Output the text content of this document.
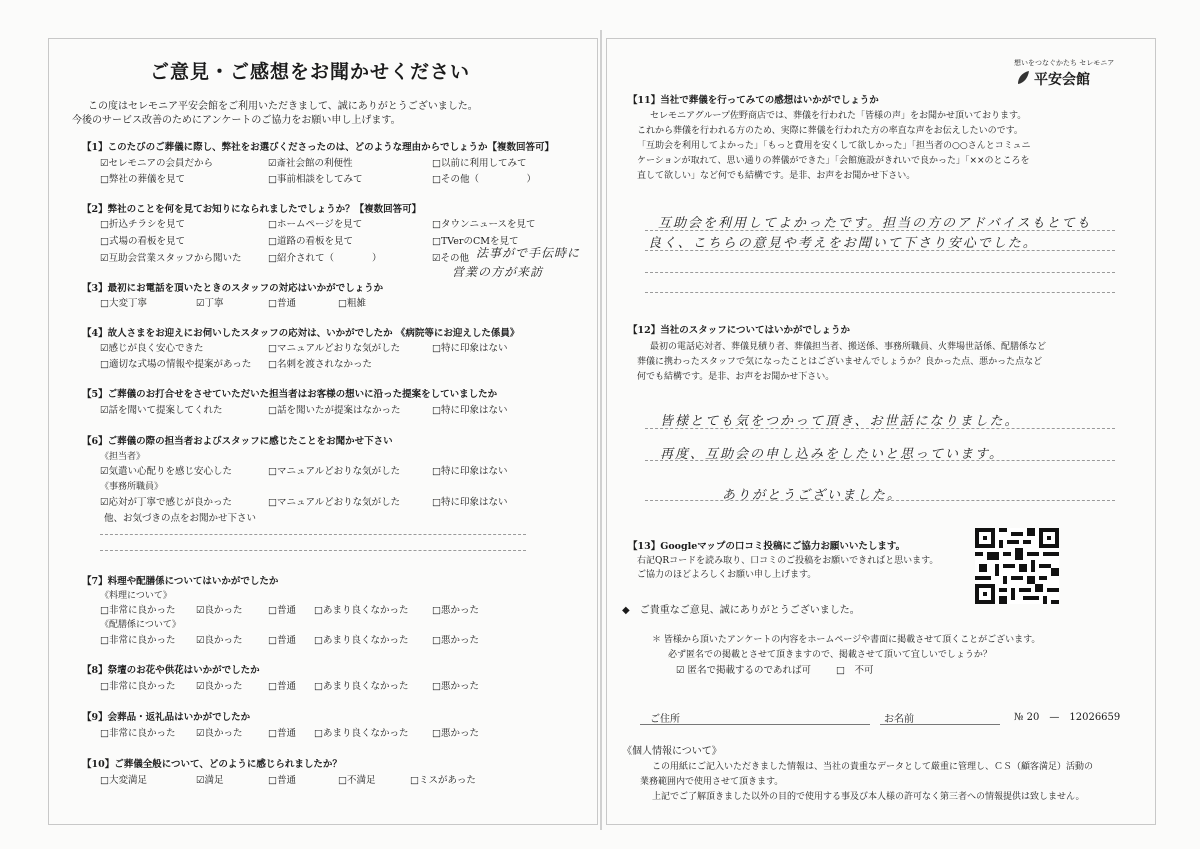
ご意見・ご感想をお聞かせください
この度はセレモニア平安会館をご利用いただきまして、誠にありがとうございました。
今後のサービス改善のためにアンケートのご協力をお願い申し上げます。
【1】このたびのご葬儀に際し、弊社をお選びくださったのは、どのような理由からでしょうか【複数回答可】
☑セレモニアの会員だから	☑斎社会館の利便性	□以前に利用してみて
□弊社の葬儀を見て	□事前相談をしてみて	□その他（　　　　　）
【2】弊社のことを何を見てお知りになられましたでしょうか？【複数回答可】
□折込チラシを見て	□ホームページを見て	□タウンニュースを見て
□式場の看板を見て	□道路の看板を見て	□TVerのCMを見て
☑互助会営業スタッフから聞いた	□紹介されて（　　　　）	☑その他 法事がで手伝時に
営業の方が来訪
【3】最初にお電話を頂いたときのスタッフの対応はいかがでしょうか
□大変丁寧	☑丁寧	□普通	□粗雑
【4】故人さまをお迎えにお伺いしたスタッフの応対は、いかがでしたか 《病院等にお迎えした係員》
☑感じが良く安心できた	□マニュアルどおりな気がした	□特に印象はない
□適切な式場の情報や提案があった □名刺を渡されなかった
【5】ご葬儀のお打合せをさせていただいた担当者はお客様の想いに沿った提案をしていましたか
☑話を聞いて提案してくれた	□話を聞いたが提案はなかった	□特に印象はない
【6】ご葬儀の際の担当者およびスタッフに感じたことをお聞かせ下さい
《担当者》
☑気遣い心配りを感じ安心した	□マニュアルどおりな気がした	□特に印象はない
《事務所職員》
☑応対が丁寧で感じが良かった	□マニュアルどおりな気がした	□特に印象はない
他、お気づきの点をお聞かせ下さい
【7】料理や配膳係についてはいかがでしたか
《料理について》
□非常に良かった ☑良かった	□普通 □あまり良くなかった □悪かった
《配膳係について》
□非常に良かった ☑良かった	□普通 □あまり良くなかった □悪かった
【8】祭壇のお花や供花はいかがでしたか
□非常に良かった ☑良かった	□普通 □あまり良くなかった □悪かった
【9】会葬品・返礼品はいかがでしたか
□非常に良かった ☑良かった	□普通 □あまり良くなかった □悪かった
【10】ご葬儀全般について、どのように感じられましたか？
□大変満足	☑満足	□普通	□不満足	□ミスがあった
想いをつなぐかたち セレモニア
平安会館
【11】当社で葬儀を行ってみての感想はいかがでしょうか
セレモニアグループ佐野商店では、葬儀を行われた「皆様の声」をお聞かせ頂いております。
これから葬儀を行われる方のため、実際に葬儀を行われた方の率直な声をお伝えしたいのです。
「互助会を利用してよかった」「もっと費用を安くして欲しかった」「担当者の○○さんとコミュニ
ケーションが取れて、思い通りの葬儀ができた」「会館施設がきれいで良かった」「××のところを
直して欲しい」など何でも結構です。是非、お声をお聞かせ下さい。
互助会を利用してよかったです。担当の方のアドバイスもとても
良く、こちらの意見や考えをお聞いて下さり安心でした。
【12】当社のスタッフについてはいかがでしょうか
最初の電話応対者、葬儀見積り者、葬儀担当者、搬送係、事務所職員、火葬場世話係、配膳係など
葬儀に携わったスタッフで気になったことはございませんでしょうか？良かった点、悪かった点など
何でも結構です。是非、お声をお聞かせ下さい。
皆様とても気をつかって頂き、お世話になりました。
再度、互助会の申し込みをしたいと思っています。
ありがとうございました。
【13】Googleマップの口コミ投稿にご協力お願いいたします。
右記QRコードを読み取り、口コミのご投稿をお願いできればと思います。
ご協力のほどよろしくお願い申し上げます。
◆　ご貴重なご意見、誠にありがとうございました。
＊ 皆様から頂いたアンケートの内容をホームページや書面に掲載させて頂くことがございます。
必ず匿名での掲載とさせて頂きますので、掲載させて頂いて宜しいでしょうか？
☑ 匿名で掲載するのであれば可	□　不可
ご住所	お名前	№ 20　—　12026659
《個人情報について》
この用紙にご記入いただきました情報は、当社の貴重なデータとして厳重に管理し、ＣＳ（顧客満足）活動の
業務範囲内で使用させて頂きます。
上記でご了解頂きました以外の目的で使用する事及び本人様の許可なく第三者への情報提供は致しません。
